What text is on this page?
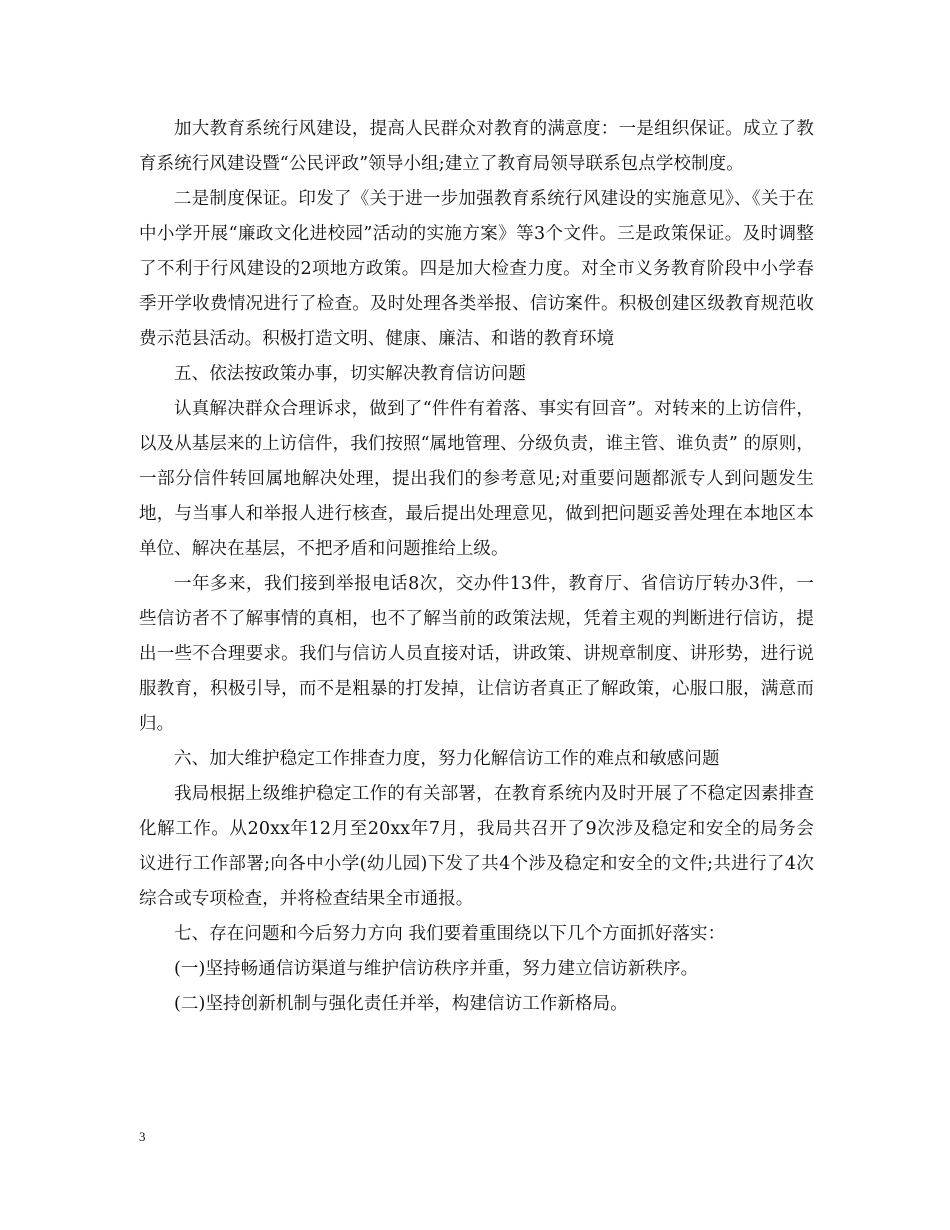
加大教育系统行风建设，提高人民群众对教育的满意度：一是组织保证。成立了教育系统行风建设暨“公民评政”领导小组;建立了教育局领导联系包点学校制度。

二是制度保证。印发了《关于进一步加强教育系统行风建设的实施意见》、《关于在中小学开展“廉政文化进校园”活动的实施方案》等3个文件。三是政策保证。及时调整了不利于行风建设的2项地方政策。四是加大检查力度。对全市义务教育阶段中小学春季开学收费情况进行了检查。及时处理各类举报、信访案件。积极创建区级教育规范收费示范县活动。积极打造文明、健康、廉洁、和谐的教育环境

五、依法按政策办事，切实解决教育信访问题

认真解决群众合理诉求，做到了“件件有着落、事实有回音”。对转来的上访信件，以及从基层来的上访信件，我们按照“属地管理、分级负责，谁主管、谁负责” 的原则，一部分信件转回属地解决处理，提出我们的参考意见;对重要问题都派专人到问题发生地，与当事人和举报人进行核查，最后提出处理意见，做到把问题妥善处理在本地区本单位、解决在基层，不把矛盾和问题推给上级。

一年多来，我们接到举报电话8次，交办件13件，教育厅、省信访厅转办3件，一些信访者不了解事情的真相，也不了解当前的政策法规，凭着主观的判断进行信访，提出一些不合理要求。我们与信访人员直接对话，讲政策、讲规章制度、讲形势，进行说服教育，积极引导，而不是粗暴的打发掉，让信访者真正了解政策，心服口服，满意而归。

六、加大维护稳定工作排查力度，努力化解信访工作的难点和敏感问题

我局根据上级维护稳定工作的有关部署，在教育系统内及时开展了不稳定因素排查化解工作。从20xx年12月至20xx年7月，我局共召开了9次涉及稳定和安全的局务会议进行工作部署;向各中小学(幼儿园)下发了共4个涉及稳定和安全的文件;共进行了4次综合或专项检查，并将检查结果全市通报。

七、存在问题和今后努力方向 我们要着重围绕以下几个方面抓好落实：

(一)坚持畅通信访渠道与维护信访秩序并重，努力建立信访新秩序。

(二)坚持创新机制与强化责任并举，构建信访工作新格局。

3
